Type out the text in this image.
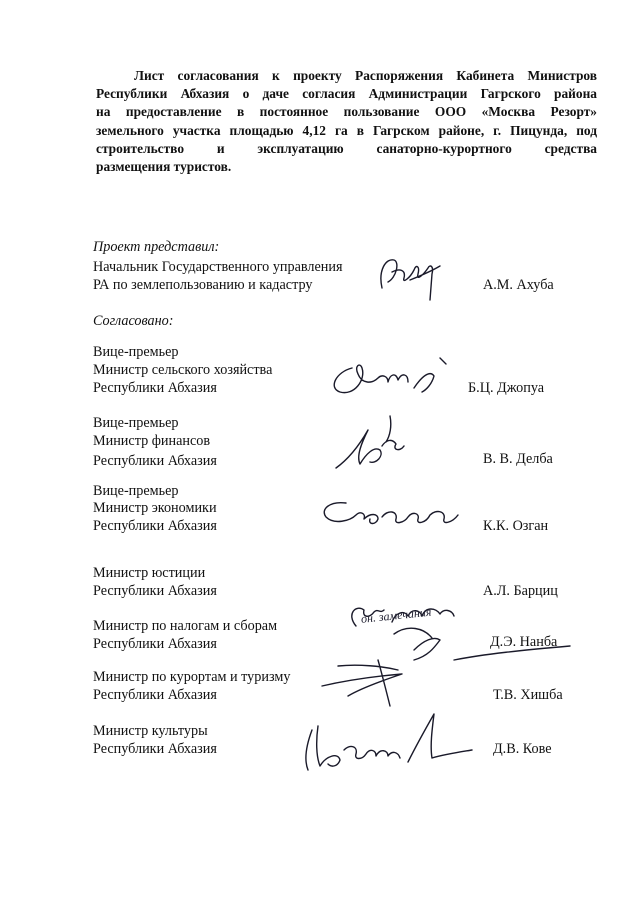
Лист согласования к проекту Распоряжения Кабинета Министров
Республики Абхазия о даче согласия Администрации Гагрского района
на предоставление в постоянное пользование ООО «Москва Резорт»
земельного участка площадью 4,12 га в Гагрском районе, г. Пицунда, под
строительство и эксплуатацию санаторно-курортного средства
размещения туристов.
Проект представил:
Начальник Государственного управления
РА по землепользованию и кадастру	А.М. Ахуба
Согласовано:
Вице-премьер
Министр сельского хозяйства
Республики Абхазия	Б.Ц. Джопуа
Вице-премьер
Министр финансов
Республики Абхазия	В. В. Делба
Вице-премьер
Министр экономики
Республики Абхазия	К.К. Озган
Министр юстиции
Республики Абхазия	А.Л. Барциц
Министр по налогам и сборам
Республики Абхазия	Д.Э. Нанба
Министр по курортам и туризму
Республики Абхазия	Т.В. Хишба
Министр культуры
Республики Абхазия	Д.В. Кове
он. замечания
